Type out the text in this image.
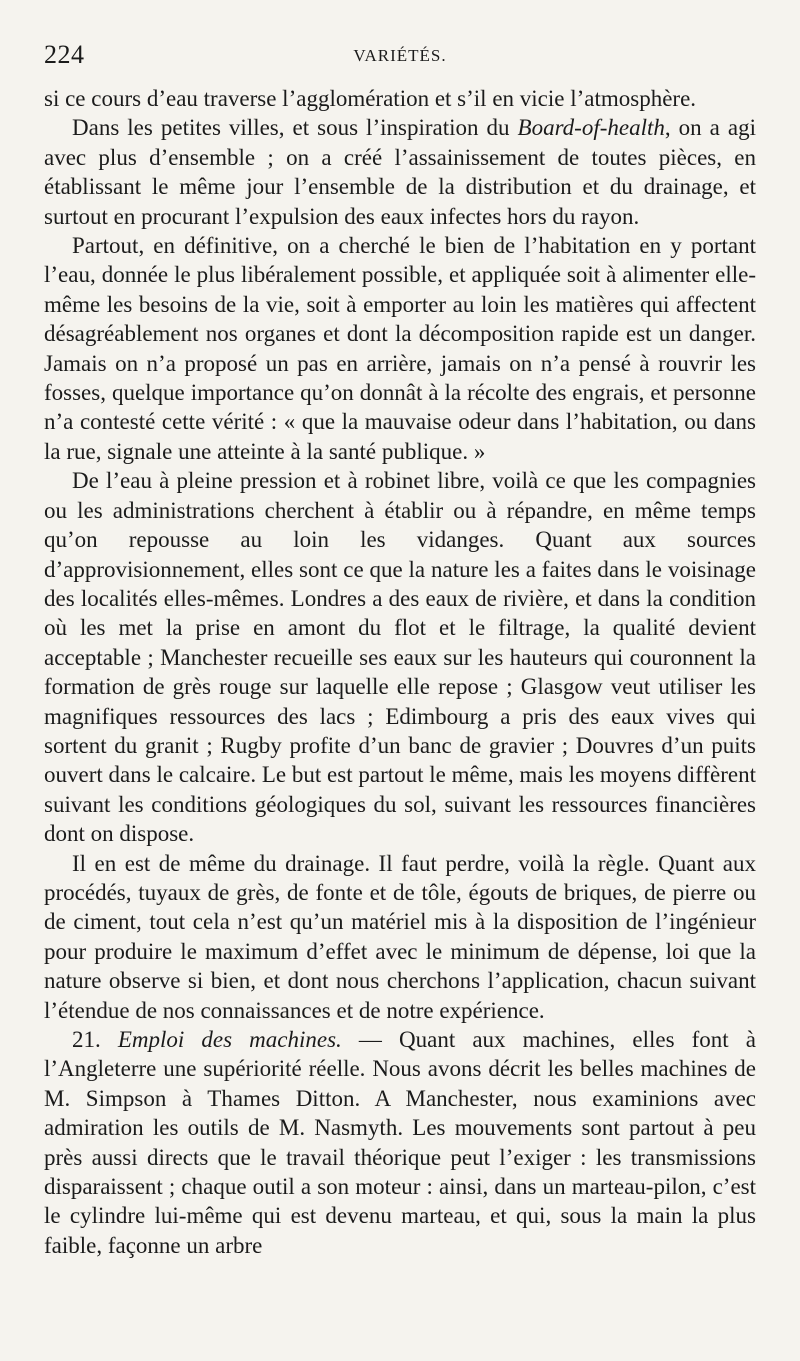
224	VARIÉTÉS.

si ce cours d’eau traverse l’agglomération et s’il en vicie l’atmosphère.

Dans les petites villes, et sous l’inspiration du Board-of-health, on a agi avec plus d’ensemble ; on a créé l’assainissement de toutes pièces, en établissant le même jour l’ensemble de la distribution et du drainage, et surtout en procurant l’expulsion des eaux infectes hors du rayon.

Partout, en définitive, on a cherché le bien de l’habitation en y portant l’eau, donnée le plus libéralement possible, et appliquée soit à alimenter elle-même les besoins de la vie, soit à emporter au loin les matières qui affectent désagréablement nos organes et dont la décomposition rapide est un danger. Jamais on n’a proposé un pas en arrière, jamais on n’a pensé à rouvrir les fosses, quelque importance qu’on donnât à la récolte des engrais, et personne n’a contesté cette vérité : « que la mauvaise odeur dans l’habitation, ou dans la rue, signale une atteinte à la santé publique. »

De l’eau à pleine pression et à robinet libre, voilà ce que les compagnies ou les administrations cherchent à établir ou à répandre, en même temps qu’on repousse au loin les vidanges. Quant aux sources d’approvisionnement, elles sont ce que la nature les a faites dans le voisinage des localités elles-mêmes. Londres a des eaux de rivière, et dans la condition où les met la prise en amont du flot et le filtrage, la qualité devient acceptable ; Manchester recueille ses eaux sur les hauteurs qui couronnent la formation de grès rouge sur laquelle elle repose ; Glasgow veut utiliser les magnifiques ressources des lacs ; Edimbourg a pris des eaux vives qui sortent du granit ; Rugby profite d’un banc de gravier ; Douvres d’un puits ouvert dans le calcaire. Le but est partout le même, mais les moyens diffèrent suivant les conditions géologiques du sol, suivant les ressources financières dont on dispose.

Il en est de même du drainage. Il faut perdre, voilà la règle. Quant aux procédés, tuyaux de grès, de fonte et de tôle, égouts de briques, de pierre ou de ciment, tout cela n’est qu’un matériel mis à la disposition de l’ingénieur pour produire le maximum d’effet avec le minimum de dépense, loi que la nature observe si bien, et dont nous cherchons l’application, chacun suivant l’étendue de nos connaissances et de notre expérience.

21. Emploi des machines. — Quant aux machines, elles font à l’Angleterre une supériorité réelle. Nous avons décrit les belles machines de M. Simpson à Thames Ditton. A Manchester, nous examinions avec admiration les outils de M. Nasmyth. Les mouvements sont partout à peu près aussi directs que le travail théorique peut l’exiger : les transmissions disparaissent ; chaque outil a son moteur : ainsi, dans un marteau-pilon, c’est le cylindre lui-même qui est devenu marteau, et qui, sous la main la plus faible, façonne un arbre
